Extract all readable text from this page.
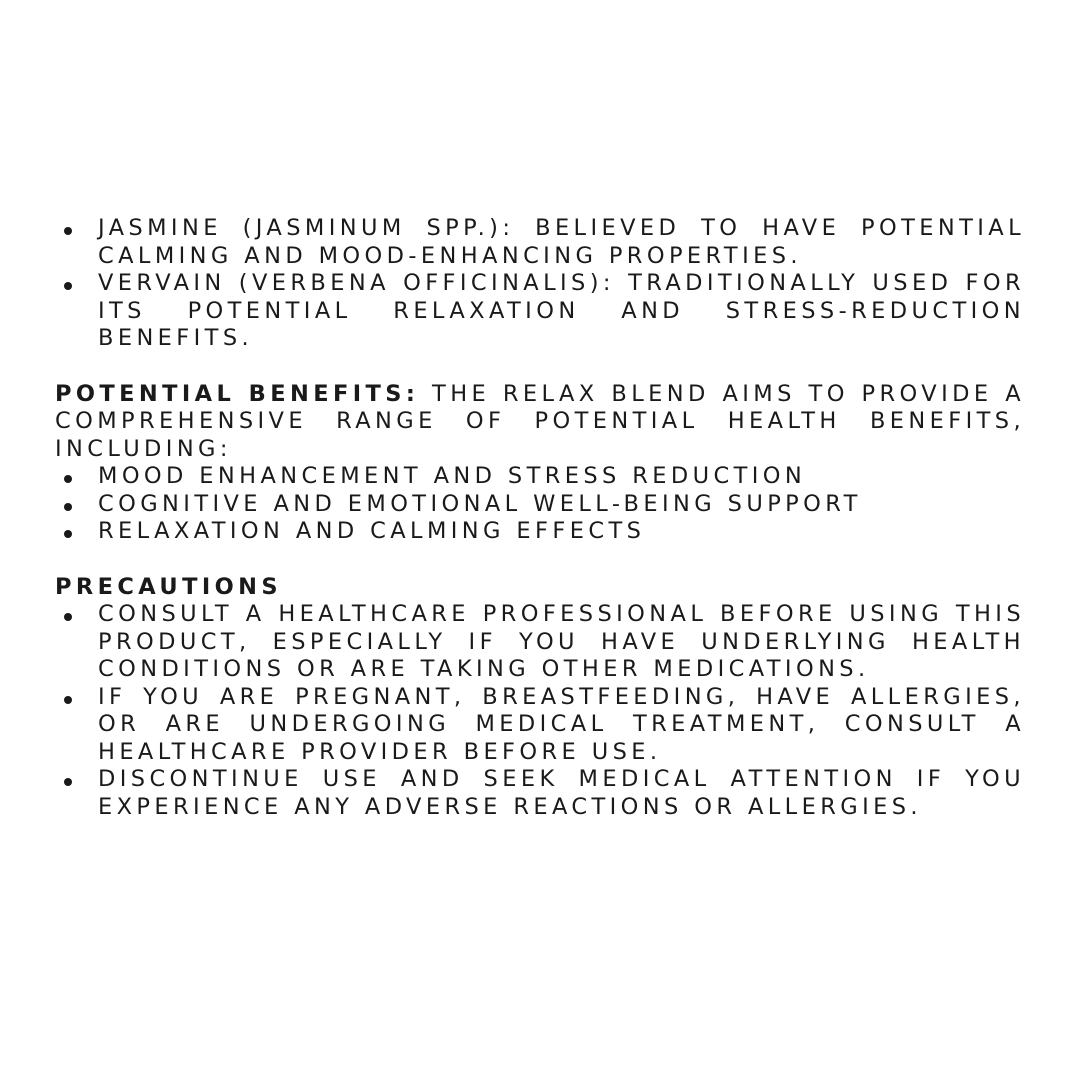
JASMINE (JASMINUM SPP.): BELIEVED TO HAVE POTENTIAL CALMING AND MOOD-ENHANCING PROPERTIES.
VERVAIN (VERBENA OFFICINALIS): TRADITIONALLY USED FOR ITS POTENTIAL RELAXATION AND STRESS-REDUCTION BENEFITS.

POTENTIAL BENEFITS: THE RELAX BLEND AIMS TO PROVIDE A COMPREHENSIVE RANGE OF POTENTIAL HEALTH BENEFITS, INCLUDING:

MOOD ENHANCEMENT AND STRESS REDUCTION
COGNITIVE AND EMOTIONAL WELL-BEING SUPPORT
RELAXATION AND CALMING EFFECTS
PRECAUTIONS
CONSULT A HEALTHCARE PROFESSIONAL BEFORE USING THIS PRODUCT, ESPECIALLY IF YOU HAVE UNDERLYING HEALTH CONDITIONS OR ARE TAKING OTHER MEDICATIONS.
IF YOU ARE PREGNANT, BREASTFEEDING, HAVE ALLERGIES, OR ARE UNDERGOING MEDICAL TREATMENT, CONSULT A HEALTHCARE PROVIDER BEFORE USE.
DISCONTINUE USE AND SEEK MEDICAL ATTENTION IF YOU EXPERIENCE ANY ADVERSE REACTIONS OR ALLERGIES.
